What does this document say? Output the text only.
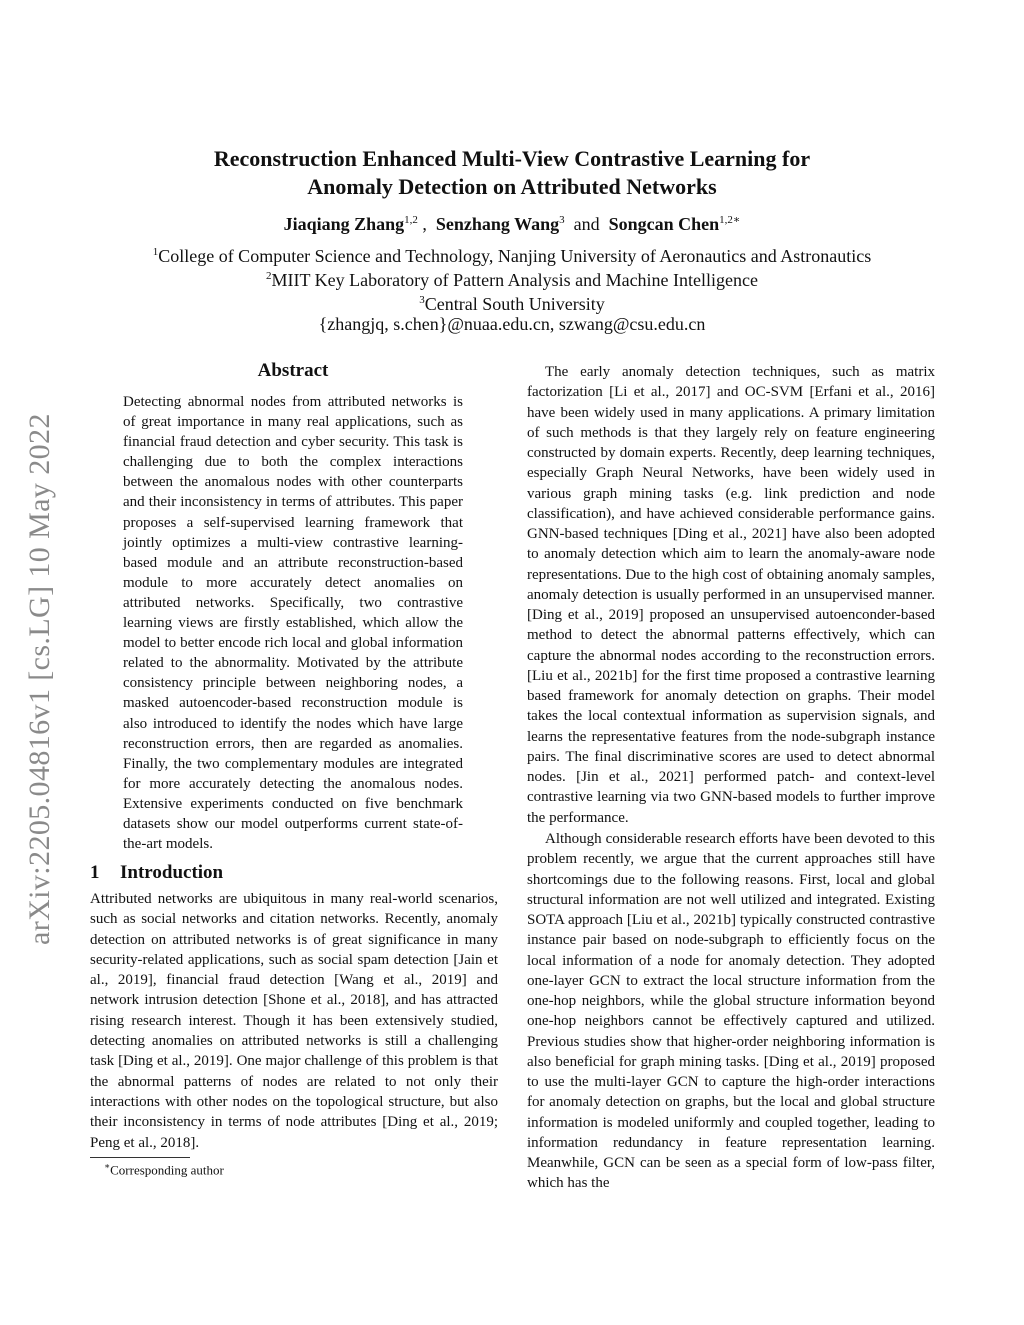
arXiv:2205.04816v1 [cs.LG] 10 May 2022
Reconstruction Enhanced Multi-View Contrastive Learning for
Anomaly Detection on Attributed Networks
Jiaqiang Zhang$^{1,2}$ , Senzhang Wang$^3$ and Songcan Chen$^{1,2∗}$
$^1$College of Computer Science and Technology, Nanjing University of Aeronautics and Astronautics
$^2$MIIT Key Laboratory of Pattern Analysis and Machine Intelligence
$^3$Central South University
{zhangjq, s.chen}@nuaa.edu.cn, szwang@csu.edu.cn
Abstract
Detecting abnormal nodes from attributed networks is of great importance in many real applications, such as financial fraud detection and cyber security. This task is challenging due to both the complex interactions between the anomalous nodes with other counterparts and their inconsistency in terms of attributes. This paper proposes a self-supervised learning framework that jointly optimizes a multi-view contrastive learning-based module and an attribute reconstruction-based module to more accurately detect anomalies on attributed networks. Specifically, two contrastive learning views are firstly established, which allow the model to better encode rich local and global information related to the abnormality. Motivated by the attribute consistency principle between neighboring nodes, a masked autoencoder-based reconstruction module is also introduced to identify the nodes which have large reconstruction errors, then are regarded as anomalies. Finally, the two complementary modules are integrated for more accurately detecting the anomalous nodes. Extensive experiments conducted on five benchmark datasets show our model outperforms current state-of-the-art models.
1 Introduction
Attributed networks are ubiquitous in many real-world scenarios, such as social networks and citation networks. Recently, anomaly detection on attributed networks is of great significance in many security-related applications, such as social spam detection [Jain et al., 2019], financial fraud detection [Wang et al., 2019] and network intrusion detection [Shone et al., 2018], and has attracted rising research interest. Though it has been extensively studied, detecting anomalies on attributed networks is still a challenging task [Ding et al., 2019]. One major challenge of this problem is that the abnormal patterns of nodes are related to not only their interactions with other nodes on the topological structure, but also their inconsistency in terms of node attributes [Ding et al., 2019; Peng et al., 2018].
∗Corresponding author

The early anomaly detection techniques, such as matrix factorization [Li et al., 2017] and OC-SVM [Erfani et al., 2016] have been widely used in many applications. A primary limitation of such methods is that they largely rely on feature engineering constructed by domain experts. Recently, deep learning techniques, especially Graph Neural Networks, have been widely used in various graph mining tasks (e.g. link prediction and node classification), and have achieved considerable performance gains. GNN-based techniques [Ding et al., 2021] have also been adopted to anomaly detection which aim to learn the anomaly-aware node representations. Due to the high cost of obtaining anomaly samples, anomaly detection is usually performed in an unsupervised manner. [Ding et al., 2019] proposed an unsupervised autoenconder-based method to detect the abnormal patterns effectively, which can capture the abnormal nodes according to the reconstruction errors. [Liu et al., 2021b] for the first time proposed a contrastive learning based framework for anomaly detection on graphs. Their model takes the local contextual information as supervision signals, and learns the representative features from the node-subgraph instance pairs. The final discriminative scores are used to detect abnormal nodes. [Jin et al., 2021] performed patch- and context-level contrastive learning via two GNN-based models to further improve the performance.

Although considerable research efforts have been devoted to this problem recently, we argue that the current approaches still have shortcomings due to the following reasons. First, local and global structural information are not well utilized and integrated. Existing SOTA approach [Liu et al., 2021b] typically constructed contrastive instance pair based on node-subgraph to efficiently focus on the local information of a node for anomaly detection. They adopted one-layer GCN to extract the local structure information from the one-hop neighbors, while the global structure information beyond one-hop neighbors cannot be effectively captured and utilized. Previous studies show that higher-order neighboring information is also beneficial for graph mining tasks. [Ding et al., 2019] proposed to use the multi-layer GCN to capture the high-order interactions for anomaly detection on graphs, but the local and global structure information is modeled uniformly and coupled together, leading to information redundancy in feature representation learning. Meanwhile, GCN can be seen as a special form of low-pass filter, which has the
